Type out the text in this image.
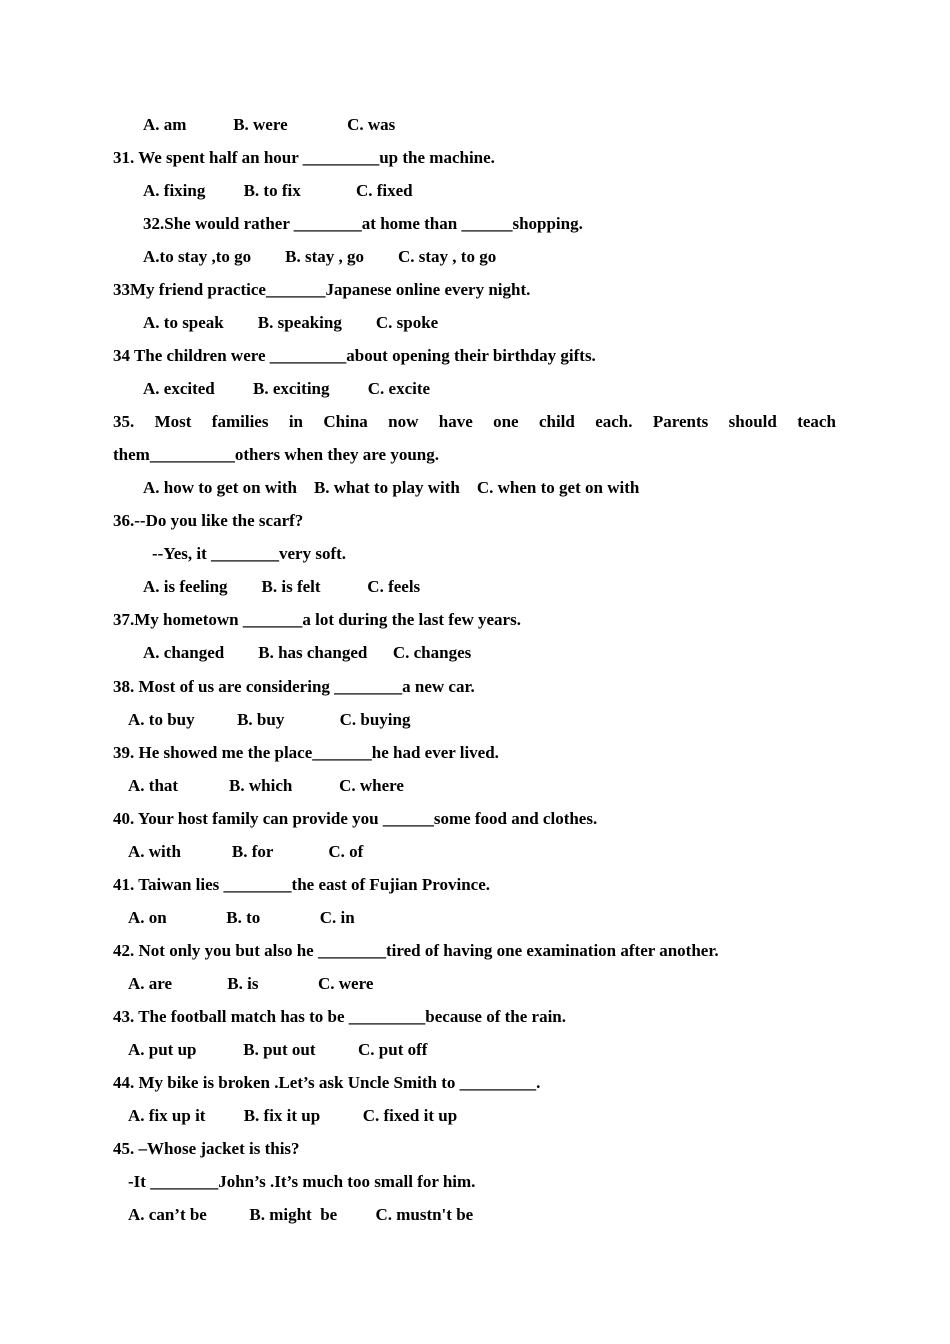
A. am           B. were              C. was
31. We spent half an hour _________up the machine.
A. fixing         B. to fix             C. fixed
32.She would rather ________at home than ______shopping.
A.to stay ,to go        B. stay , go        C. stay , to go
33My friend practice_______Japanese online every night.
A. to speak        B. speaking        C. spoke
34 The children were _________about opening their birthday gifts.
A. excited         B. exciting         C. excite
35. Most families in China now have one child each. Parents should teach
them__________others when they are young.
A. how to get on with    B. what to play with    C. when to get on with
36.--Do you like the scarf?
--Yes, it ________very soft.
A. is feeling        B. is felt           C. feels
37.My hometown _______a lot during the last few years.
A. changed        B. has changed      C. changes
38. Most of us are considering ________a new car.
A. to buy          B. buy             C. buying
39. He showed me the place_______he had ever lived.
A. that            B. which           C. where
40. Your host family can provide you ______some food and clothes.
A. with            B. for             C. of
41. Taiwan lies ________the east of Fujian Province.
A. on              B. to              C. in
42. Not only you but also he ________tired of having one examination after another.
A. are             B. is              C. were
43. The football match has to be _________because of the rain.
A. put up           B. put out          C. put off
44. My bike is broken .Let’s ask Uncle Smith to _________.
A. fix up it         B. fix it up          C. fixed it up
45. –Whose jacket is this?
-It ________John’s .It’s much too small for him.
A. can’t be          B. might  be         C. mustn't be
